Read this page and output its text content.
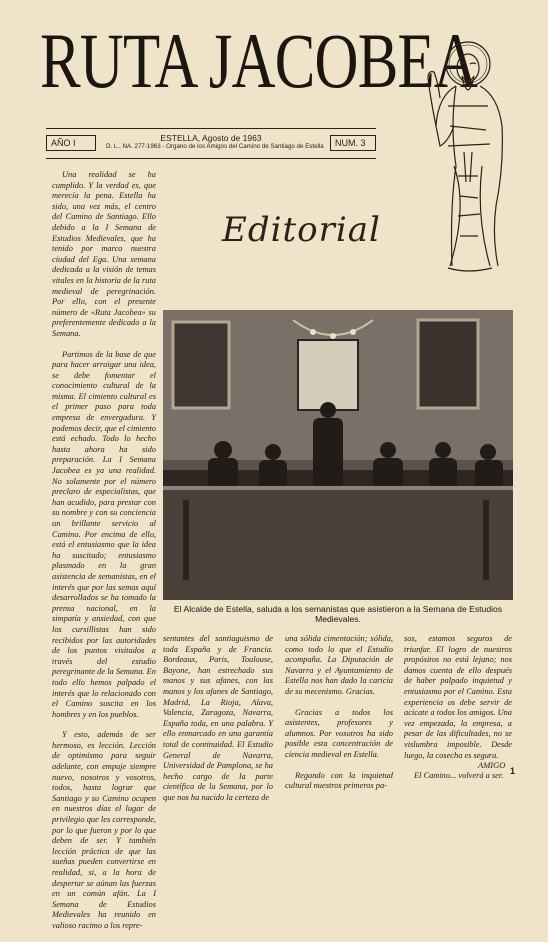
RUTA JACOBEA
AÑO I	ESTELLA, Agosto de 1963
D. L., NA. 277-1963 - Organo de los Amigos del Camino de Santiago de Estella	NUM. 3
Editorial

Una realidad se ha cumplido. Y la verdad es, que merecía la pena. Estella ha sido, una vez más, el centro del Camino de Santiago. Ello debido a la I Semana de Estudios Medievales, que ha tenido por marco nuestra ciudad del Ega. Una semana dedicada a la visión de temas vitales en la historia de la ruta medieval de peregrinación. Por ello, con el presente número de «Ruta Jacobea» su preferentemente dedicado a la Semana.

Partimos de la base de que para hacer arraigar una idea, se debe fomentar el conocimiento cultural de la misma. El cimiento cultural es el primer paso para toda empresa de envergadura. Y podemos decir, que el cimiento está echado. Todo lo hecho hasta ahora ha sido preparación. La I Semana Jacobea es ya una realidad. No solamente por el número preclaro de especialistas, que han acudido, para prestar con su nombre y con su conciencia un brillante servicio al Camino. Por encima de ello, está el entusiasmo que la idea ha suscitado; entusiasmo plasmado en la gran asistencia de semanistas, en el interés que por las semas aquí desarrollados se ha tomado la prensa nacional, en la simpatía y ansiedad, con que los cursillistas han sido recibidos por las autoridades de los puntos visitados a través del estudio peregrinante de la Semana. En todo ello hemos palpado el interés que lo relacionado con el Camino suscita en los hombres y en los pueblos.

Y esto, además de ser hermoso, es lección. Lección de optimismo para seguir adelante, con empuje siempre nuevo, nosotros y vosotros, todos, hasta lograr que Santiago y su Camino ocupen en nuestros días el lugar de privilegio que les corresponde, por lo que fueron y por lo que deben de ser. Y también lección práctica de que las sueñas pueden convertirse en realidad, si, a la hora de despertar se aúnan las fuerzas en un común afán. La I Semana de Estudios Medievales ha reunido en valioso racimo a los repre-

El Alcalde de Estella, saluda a los semanistas que asistieron a la Semana de Estudios Medievales.

sentantes del santiaguismo de toda España y de Francia. Bordeaux, Paris, Toulouse, Bayone, han estrechado sus manos y sus afanes, con las manos y los afanes de Santiago, Madrid, La Rioja, Alava, Valencia, Zaragoza, Navarra, España toda, en una palabra. Y ello enmarcado en una garantía total de continuidad. El Estudio General de Navarra, Universidad de Pamplona, se ha hecho cargo de la parte científica de la Semana, por lo que nos ha nacido la certeza de

una sólida cimentación; sólida, como todo lo que el Estudio acompaña. La Diputación de Navarra y el Ayuntamiento de Estella nos han dado la caricia de su mecenismo. Gracias.

Gracias a todos los asistentes, profesores y alumnos. Por vosotros ha sido posible esta concentración de ciencia medieval en Estella.

Regando con la inquietud cultural nuestros primeros pa-

sos, estamos seguros de triunfar. El logro de nuestros propósitos no está lejano; nos damos cuenta de ello después de haber palpado inquietud y entusiasmo por el Camino. Esta experiencia os debe servir de acicate a todos los amigos. Una vez empezada, la empresa, a pesar de las dificultades, no se vislumbra imposible. Desde luego, la cosecha es segura.

El Camino... volverá a ser.

AMIGO
1
